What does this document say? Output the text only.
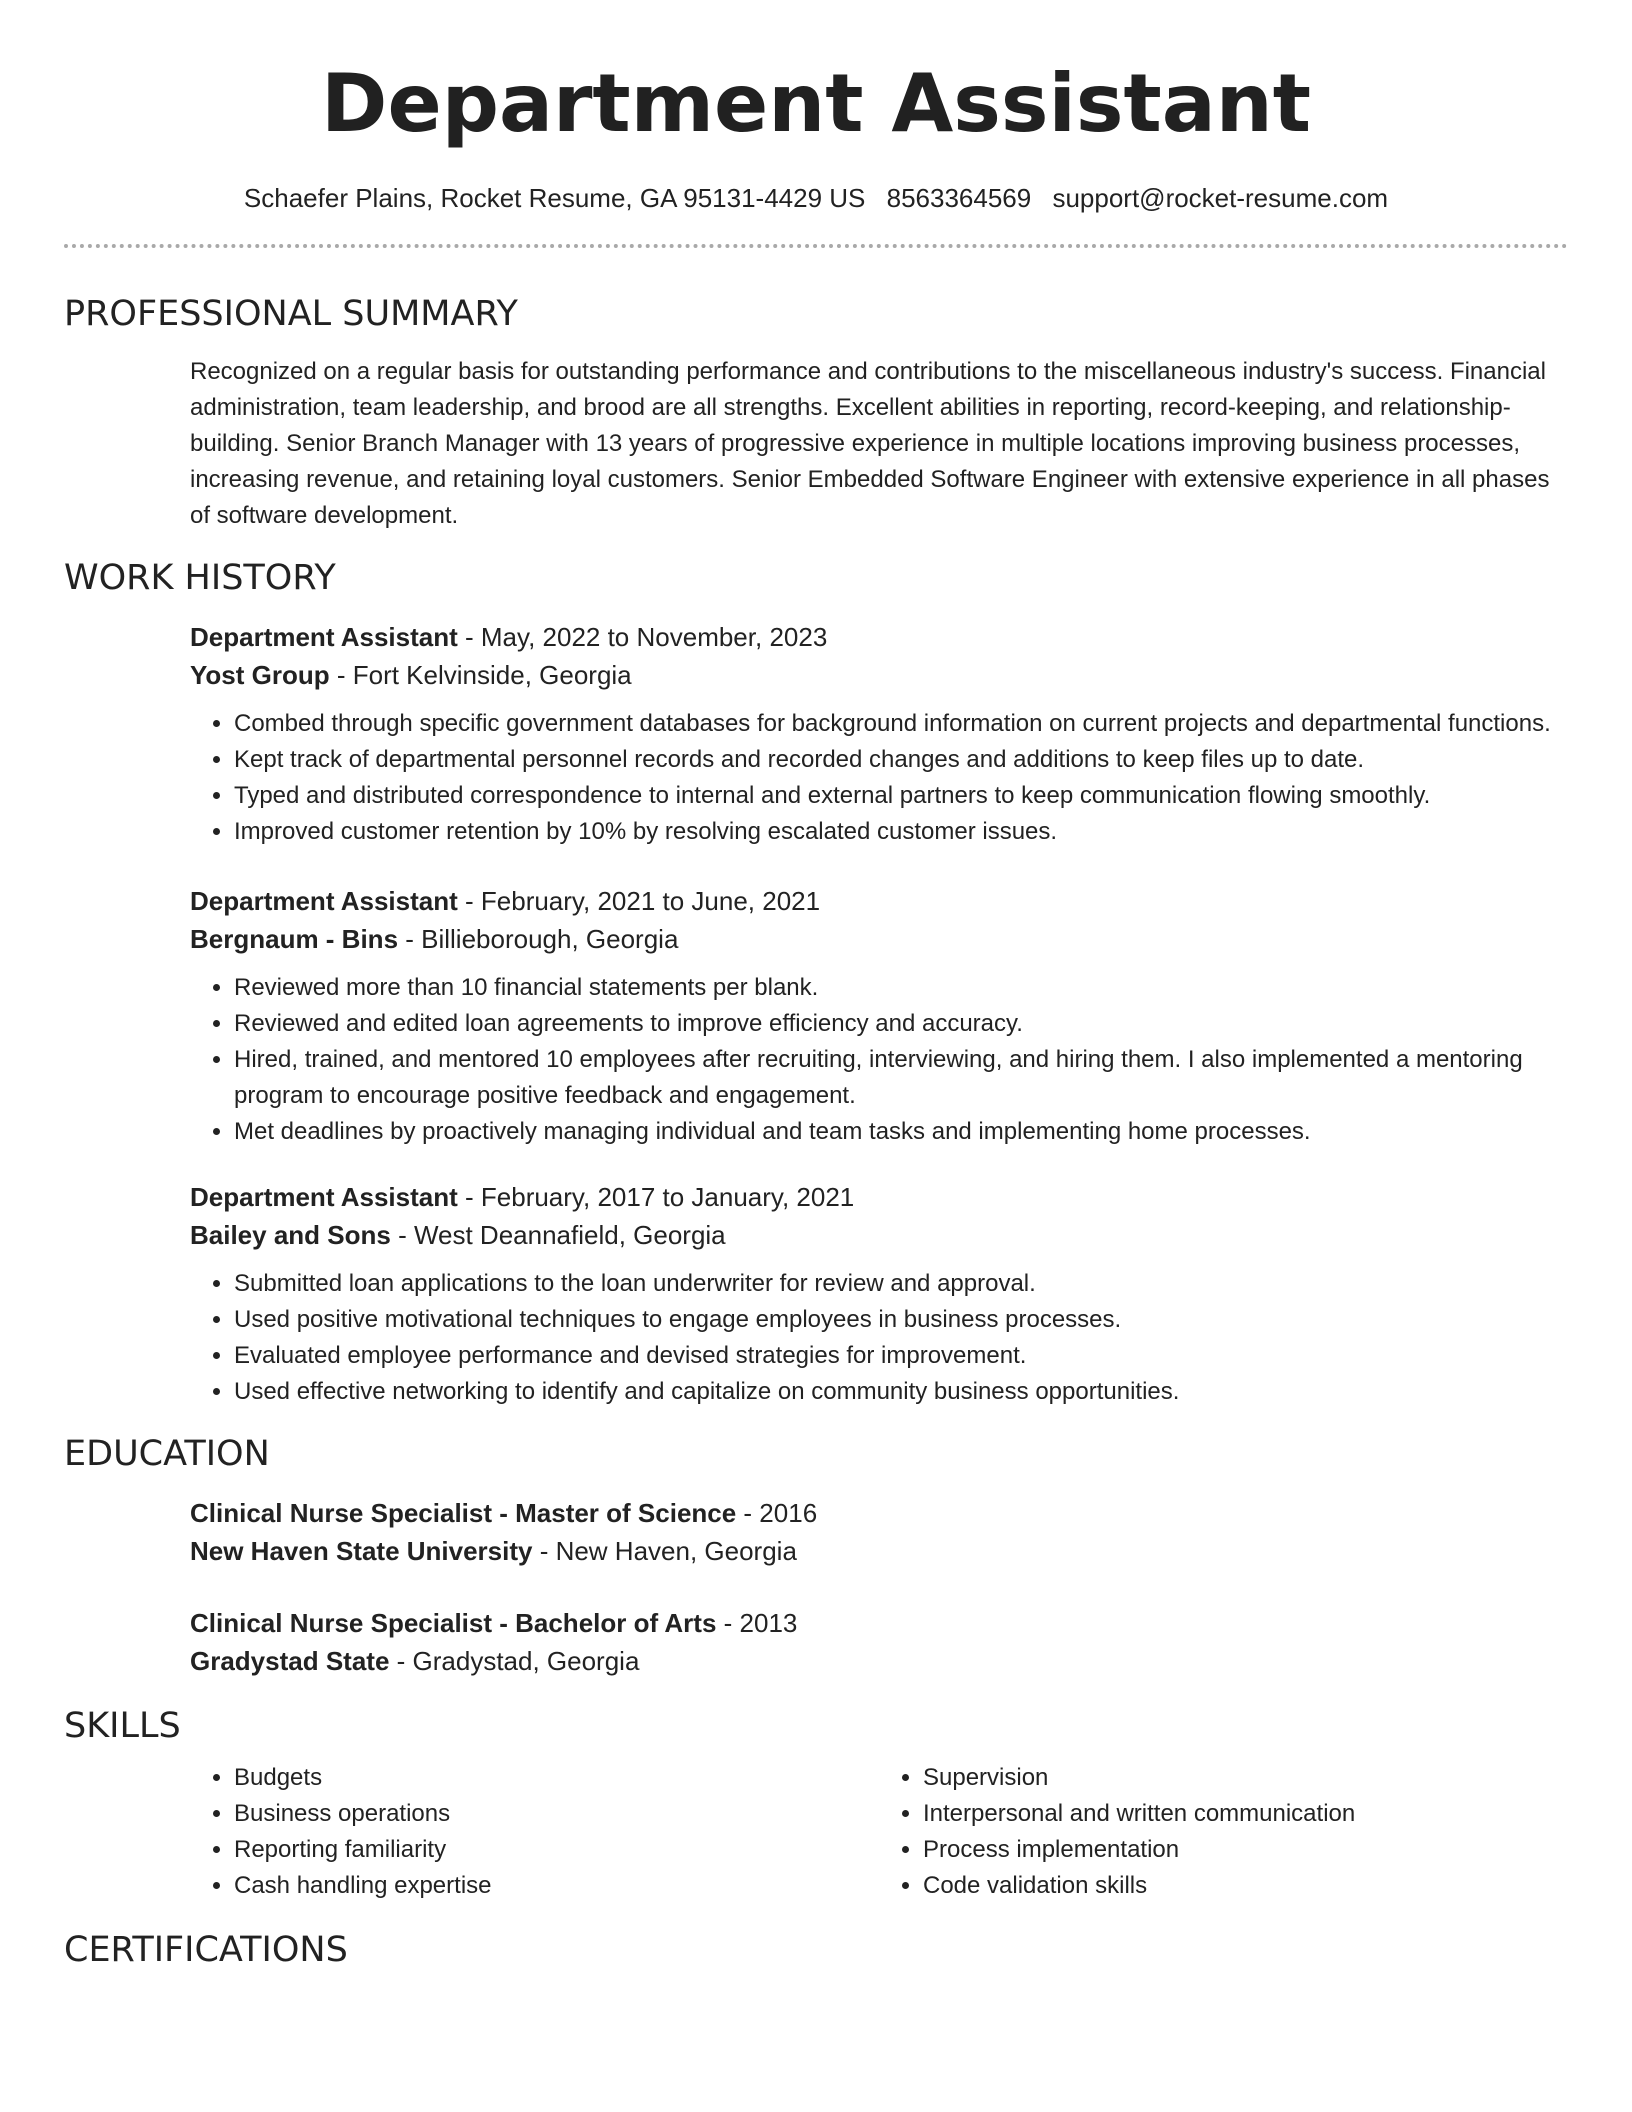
Department Assistant
Schaefer Plains, Rocket Resume, GA 95131-4429 US 8563364569 support@rocket-resume.com
PROFESSIONAL SUMMARY
Recognized on a regular basis for outstanding performance and contributions to the miscellaneous industry's success. Financial administration, team leadership, and brood are all strengths. Excellent abilities in reporting, record-keeping, and relationship-building. Senior Branch Manager with 13 years of progressive experience in multiple locations improving business processes, increasing revenue, and retaining loyal customers. Senior Embedded Software Engineer with extensive experience in all phases of software development.
WORK HISTORY
Department Assistant - May, 2022 to November, 2023
Yost Group - Fort Kelvinside, Georgia
• Combed through specific government databases for background information on current projects and departmental functions.
• Kept track of departmental personnel records and recorded changes and additions to keep files up to date.
• Typed and distributed correspondence to internal and external partners to keep communication flowing smoothly.
• Improved customer retention by 10% by resolving escalated customer issues.
Department Assistant - February, 2021 to June, 2021
Bergnaum - Bins - Billieborough, Georgia
• Reviewed more than 10 financial statements per blank.
• Reviewed and edited loan agreements to improve efficiency and accuracy.
• Hired, trained, and mentored 10 employees after recruiting, interviewing, and hiring them. I also implemented a mentoring program to encourage positive feedback and engagement.
• Met deadlines by proactively managing individual and team tasks and implementing home processes.
Department Assistant - February, 2017 to January, 2021
Bailey and Sons - West Deannafield, Georgia
• Submitted loan applications to the loan underwriter for review and approval.
• Used positive motivational techniques to engage employees in business processes.
• Evaluated employee performance and devised strategies for improvement.
• Used effective networking to identify and capitalize on community business opportunities.
EDUCATION
Clinical Nurse Specialist - Master of Science - 2016
New Haven State University - New Haven, Georgia
Clinical Nurse Specialist - Bachelor of Arts - 2013
Gradystad State - Gradystad, Georgia
SKILLS
• Budgets
• Business operations
• Reporting familiarity
• Cash handling expertise
• Supervision
• Interpersonal and written communication
• Process implementation
• Code validation skills
CERTIFICATIONS
